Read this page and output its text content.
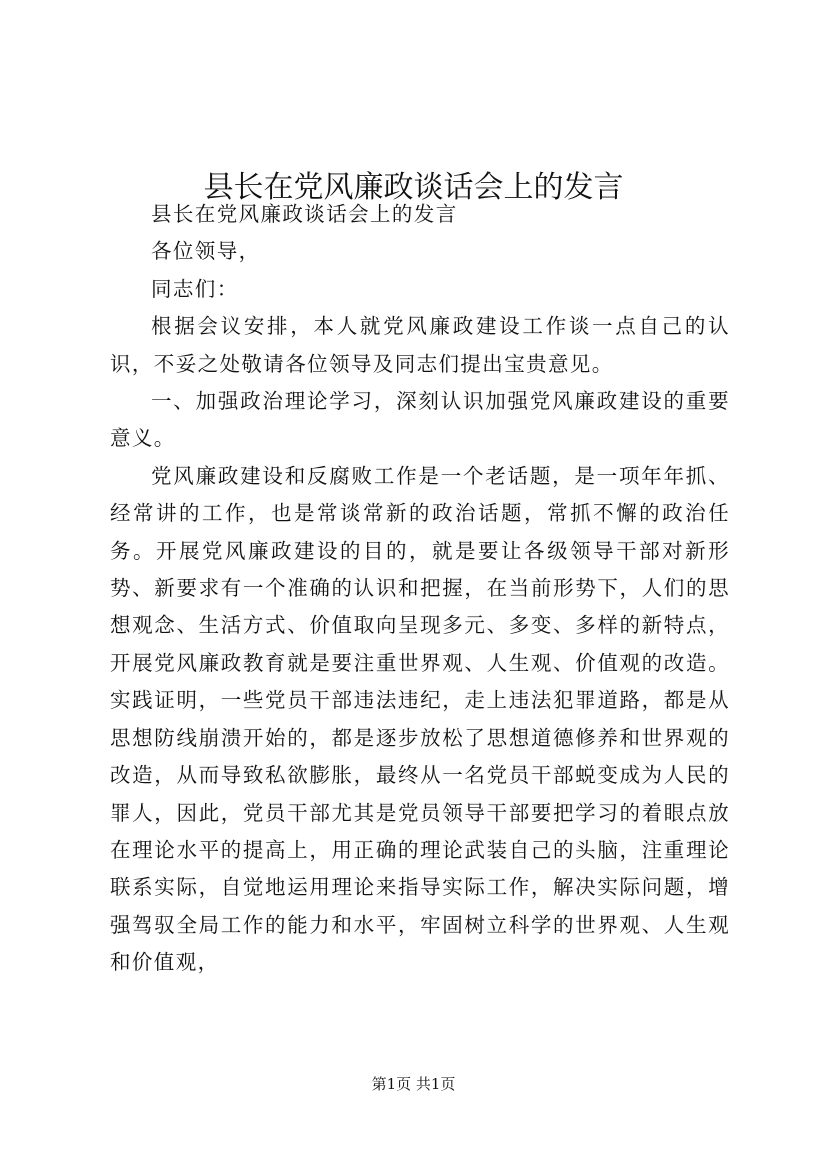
县长在党风廉政谈话会上的发言

县长在党风廉政谈话会上的发言

各位领导，

同志们：

根据会议安排，本人就党风廉政建设工作谈一点自己的认识，不妥之处敬请各位领导及同志们提出宝贵意见。

一、加强政治理论学习，深刻认识加强党风廉政建设的重要意义。

党风廉政建设和反腐败工作是一个老话题，是一项年年抓、经常讲的工作，也是常谈常新的政治话题，常抓不懈的政治任务。开展党风廉政建设的目的，就是要让各级领导干部对新形势、新要求有一个准确的认识和把握，在当前形势下，人们的思想观念、生活方式、价值取向呈现多元、多变、多样的新特点，开展党风廉政教育就是要注重世界观、人生观、价值观的改造。实践证明，一些党员干部违法违纪，走上违法犯罪道路，都是从思想防线崩溃开始的，都是逐步放松了思想道德修养和世界观的改造，从而导致私欲膨胀，最终从一名党员干部蜕变成为人民的罪人，因此，党员干部尤其是党员领导干部要把学习的着眼点放在理论水平的提高上，用正确的理论武装自己的头脑，注重理论联系实际，自觉地运用理论来指导实际工作，解决实际问题，增强驾驭全局工作的能力和水平，牢固树立科学的世界观、人生观和价值观，

第1页 共1页
